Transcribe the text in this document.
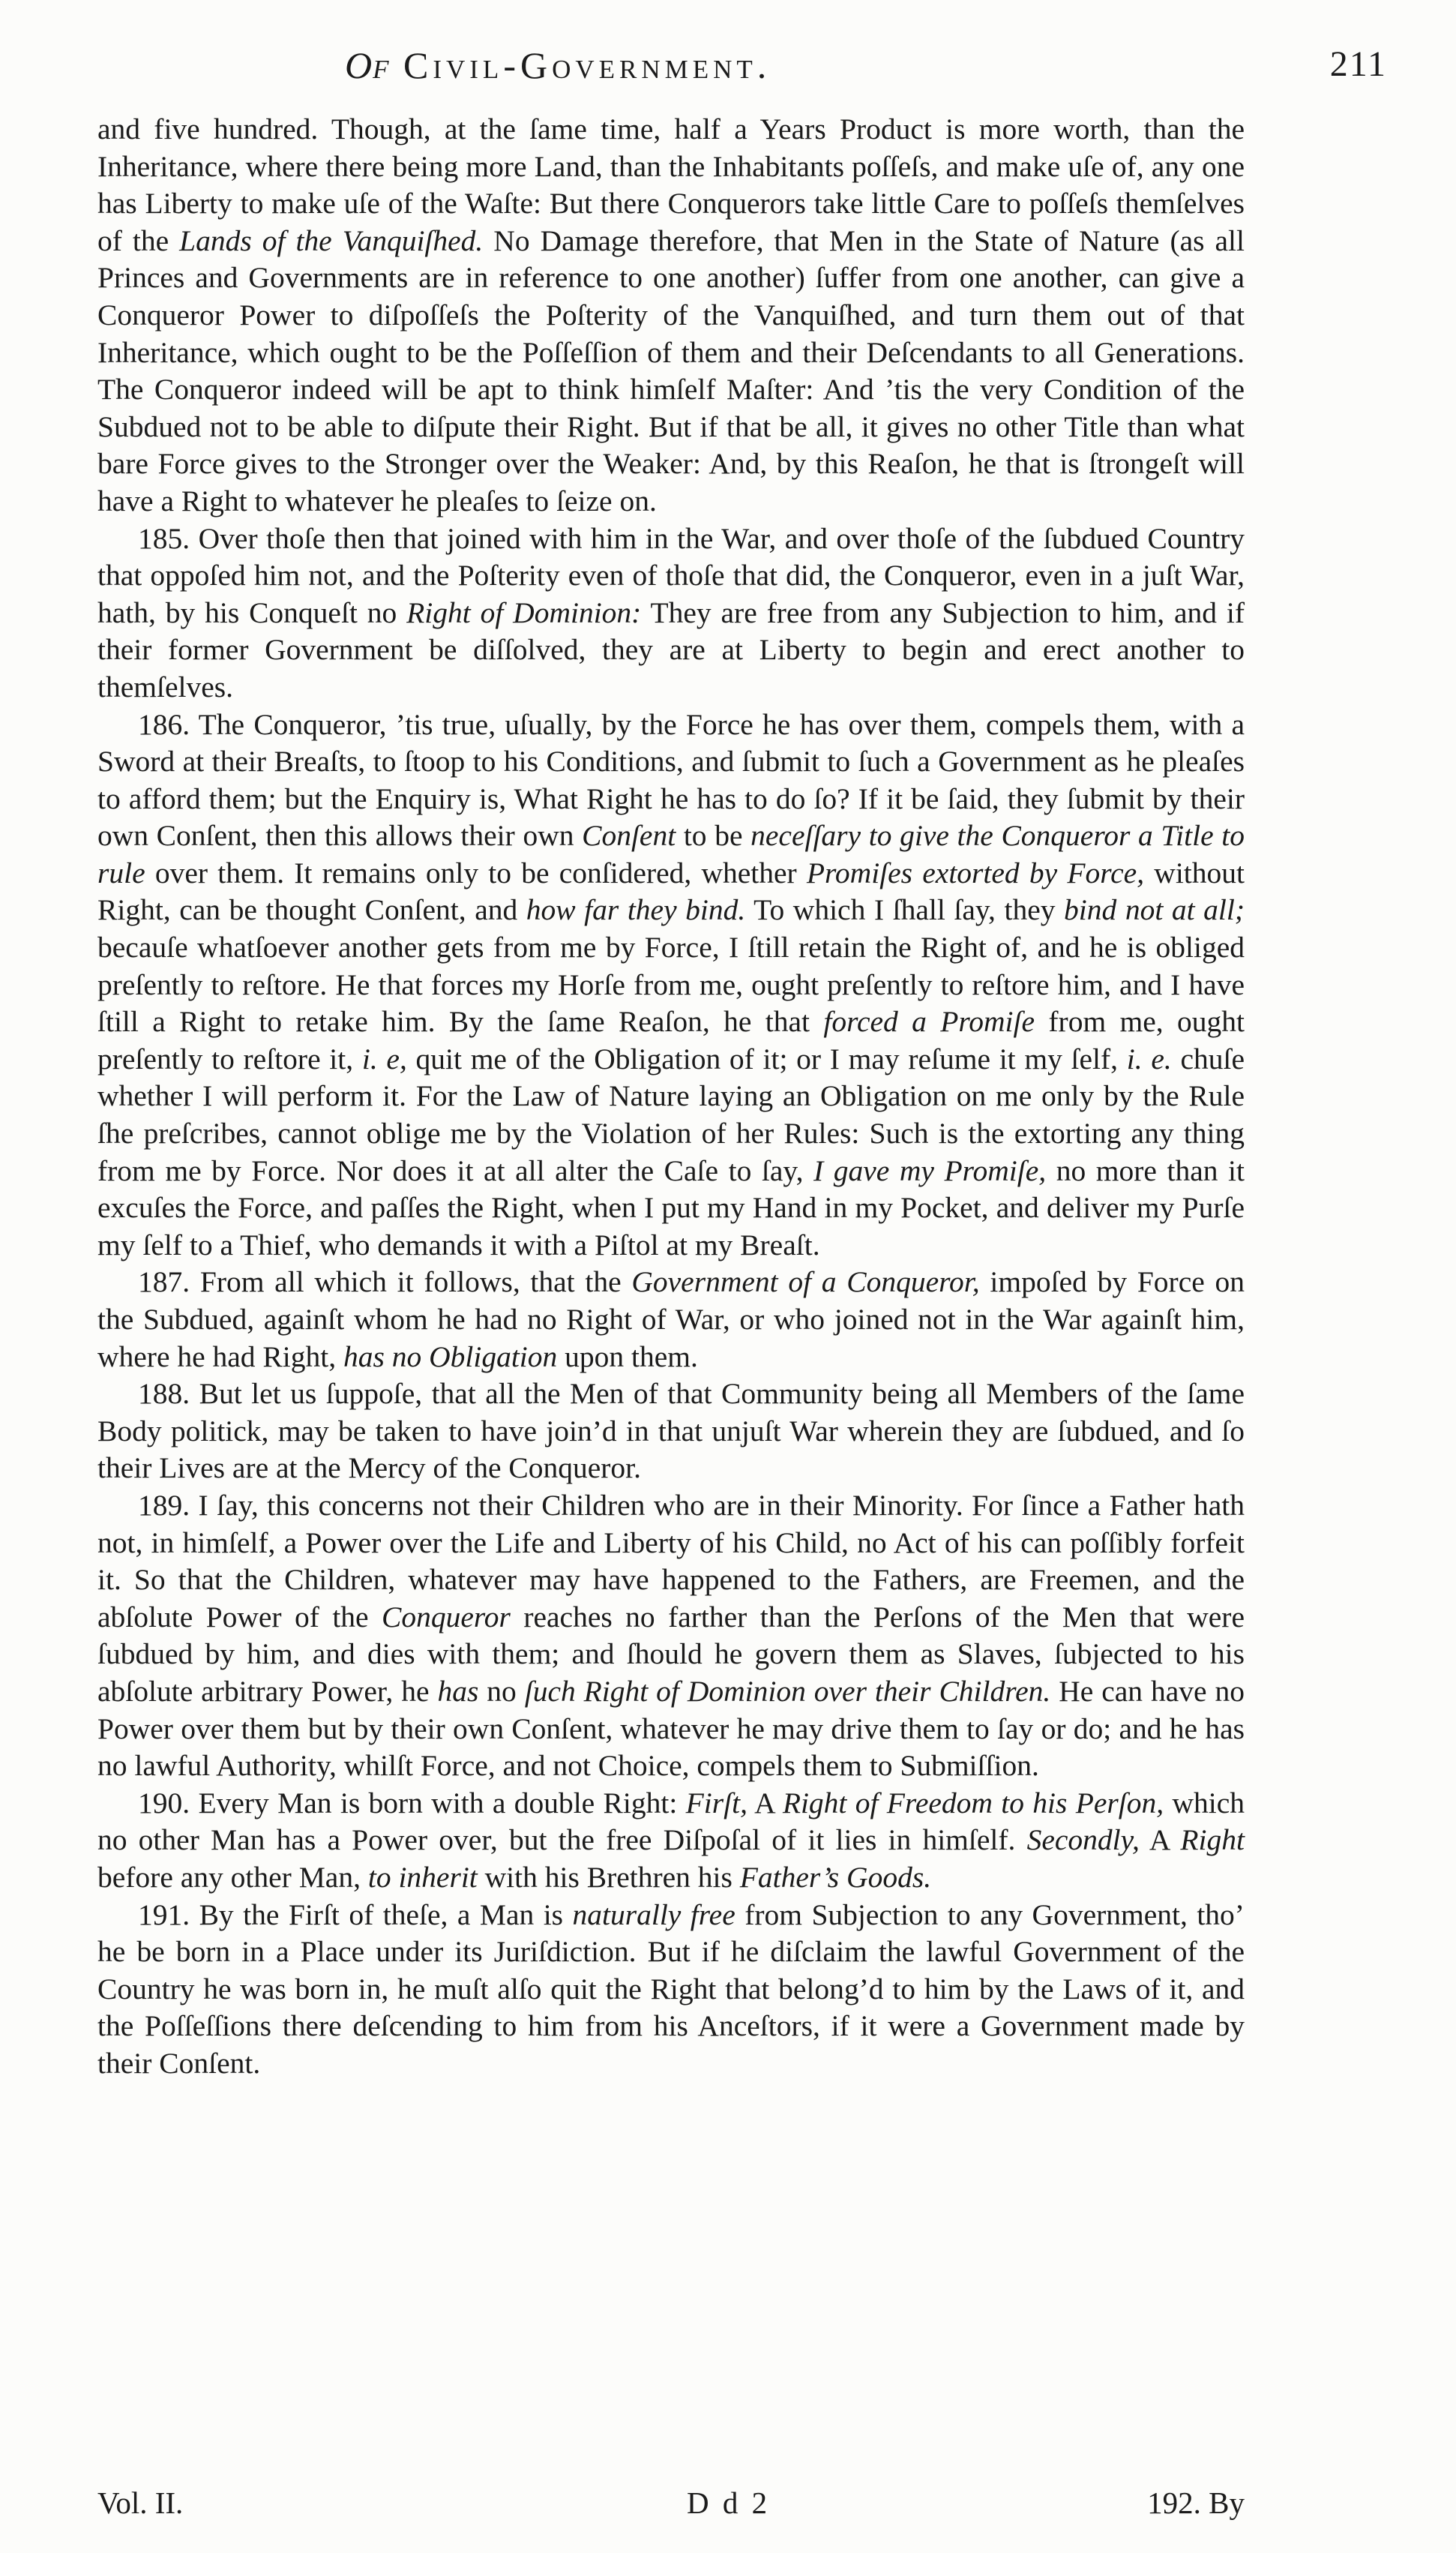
Of Civil-Government.	211

and five hundred. Though, at the ſame time, half a Years Product is more worth, than the Inheritance, where there being more Land, than the Inhabitants poſſeſs, and make uſe of, any one has Liberty to make uſe of the Waſte: But there Conquerors take little Care to poſſeſs themſelves of the Lands of the Vanquiſhed. No Damage therefore, that Men in the State of Nature (as all Princes and Governments are in reference to one another) ſuffer from one another, can give a Conqueror Power to diſpoſſeſs the Poſterity of the Vanquiſhed, and turn them out of that Inheritance, which ought to be the Poſſeſſion of them and their Deſcendants to all Generations. The Conqueror indeed will be apt to think himſelf Maſter: And ’tis the very Condition of the Subdued not to be able to diſpute their Right. But if that be all, it gives no other Title than what bare Force gives to the Stronger over the Weaker: And, by this Reaſon, he that is ſtrongeſt will have a Right to whatever he pleaſes to ſeize on.

185. Over thoſe then that joined with him in the War, and over thoſe of the ſubdued Country that oppoſed him not, and the Poſterity even of thoſe that did, the Conqueror, even in a juſt War, hath, by his Conqueſt no Right of Dominion: They are free from any Subjection to him, and if their former Government be diſſolved, they are at Liberty to begin and erect another to themſelves.

186. The Conqueror, ’tis true, uſually, by the Force he has over them, compels them, with a Sword at their Breaſts, to ſtoop to his Conditions, and ſubmit to ſuch a Government as he pleaſes to afford them; but the Enquiry is, What Right he has to do ſo? If it be ſaid, they ſubmit by their own Conſent, then this allows their own Conſent to be neceſſary to give the Conqueror a Title to rule over them. It remains only to be conſidered, whether Promiſes extorted by Force, without Right, can be thought Conſent, and how far they bind. To which I ſhall ſay, they bind not at all; becauſe whatſoever another gets from me by Force, I ſtill retain the Right of, and he is obliged preſently to reſtore. He that forces my Horſe from me, ought preſently to reſtore him, and I have ſtill a Right to retake him. By the ſame Reaſon, he that forced a Promiſe from me, ought preſently to reſtore it, i. e, quit me of the Obligation of it; or I may reſume it my ſelf, i. e. chuſe whether I will perform it. For the Law of Nature laying an Obligation on me only by the Rule ſhe preſcribes, cannot oblige me by the Violation of her Rules: Such is the extorting any thing from me by Force. Nor does it at all alter the Caſe to ſay, I gave my Promiſe, no more than it excuſes the Force, and paſſes the Right, when I put my Hand in my Pocket, and deliver my Purſe my ſelf to a Thief, who demands it with a Piſtol at my Breaſt.

187. From all which it follows, that the Government of a Conqueror, impoſed by Force on the Subdued, againſt whom he had no Right of War, or who joined not in the War againſt him, where he had Right, has no Obligation upon them.

188. But let us ſuppoſe, that all the Men of that Community being all Members of the ſame Body politick, may be taken to have join’d in that unjuſt War wherein they are ſubdued, and ſo their Lives are at the Mercy of the Conqueror.

189. I ſay, this concerns not their Children who are in their Minority. For ſince a Father hath not, in himſelf, a Power over the Life and Liberty of his Child, no Act of his can poſſibly forfeit it. So that the Children, whatever may have happened to the Fathers, are Freemen, and the abſolute Power of the Conqueror reaches no farther than the Perſons of the Men that were ſubdued by him, and dies with them; and ſhould he govern them as Slaves, ſubjected to his abſolute arbitrary Power, he has no ſuch Right of Dominion over their Children. He can have no Power over them but by their own Conſent, whatever he may drive them to ſay or do; and he has no lawful Authority, whilſt Force, and not Choice, compels them to Submiſſion.

190. Every Man is born with a double Right: Firſt, A Right of Freedom to his Perſon, which no other Man has a Power over, but the free Diſpoſal of it lies in himſelf. Secondly, A Right before any other Man, to inherit with his Brethren his Father’s Goods.

191. By the Firſt of theſe, a Man is naturally free from Subjection to any Government, tho’ he be born in a Place under its Juriſdiction. But if he diſclaim the lawful Government of the Country he was born in, he muſt alſo quit the Right that belong’d to him by the Laws of it, and the Poſſeſſions there deſcending to him from his Anceſtors, if it were a Government made by their Conſent.

Vol. II.	D d 2	192. By
